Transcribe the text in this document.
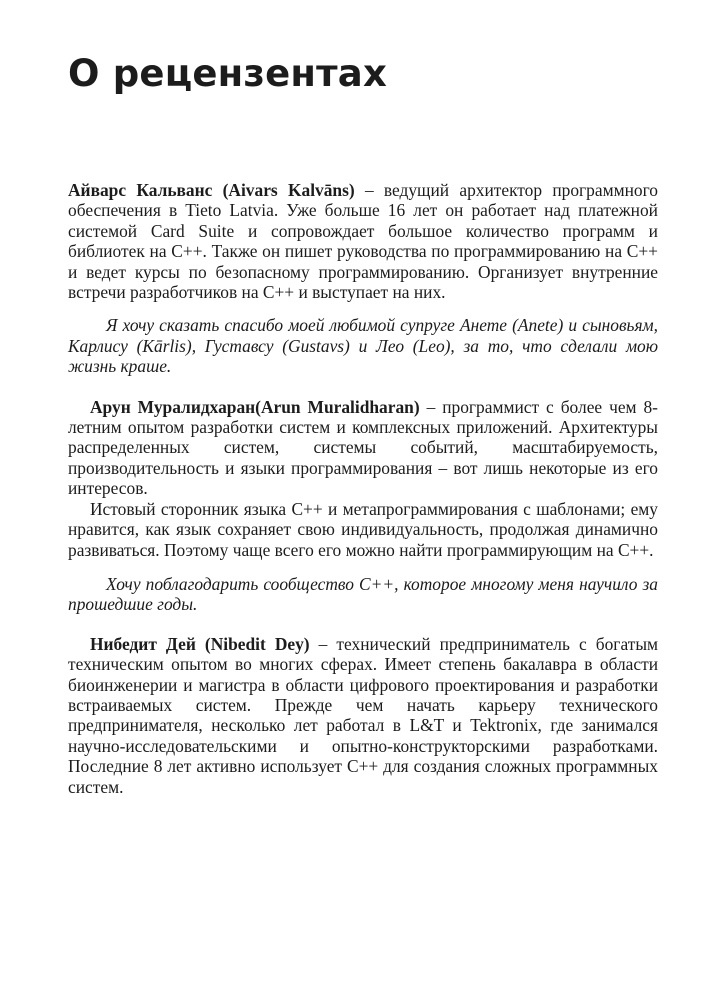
О рецензентах

Айварс Кальванс (Aivars Kalvāns) – ведущий архитектор программного обеспечения в Tieto Latvia. Уже больше 16 лет он работает над платежной системой Card Suite и сопровождает большое количество программ и библиотек на C++. Также он пишет руководства по программированию на C++ и ведет курсы по безопасному программированию. Организует внутренние встречи разработчиков на C++ и выступает на них.

Я хочу сказать спасибо моей любимой супруге Анете (Anete) и сыновьям, Карлису (Kārlis), Густавсу (Gustavs) и Лео (Leo), за то, что сделали мою жизнь краше.

Арун Муралидхаран(Arun Muralidharan) – программист с более чем 8-летним опытом разработки систем и комплексных приложений. Архитектуры распределенных систем, системы событий, масштабируемость, производительность и языки программирования – вот лишь некоторые из его интересов.

Истовый сторонник языка C++ и метапрограммирования с шаблонами; ему нравится, как язык сохраняет свою индивидуальность, продолжая динамично развиваться. Поэтому чаще всего его можно найти программирующим на C++.

Хочу поблагодарить сообщество C++, которое многому меня научило за прошедшие годы.

Нибедит Дей (Nibedit Dey) – технический предприниматель с богатым техническим опытом во многих сферах. Имеет степень бакалавра в области биоинженерии и магистра в области цифрового проектирования и разработки встраиваемых систем. Прежде чем начать карьеру технического предпринимателя, несколько лет работал в L&T и Tektronix, где занимался научно-исследовательскими и опытно-конструкторскими разработками. Последние 8 лет активно использует C++ для создания сложных программных систем.
